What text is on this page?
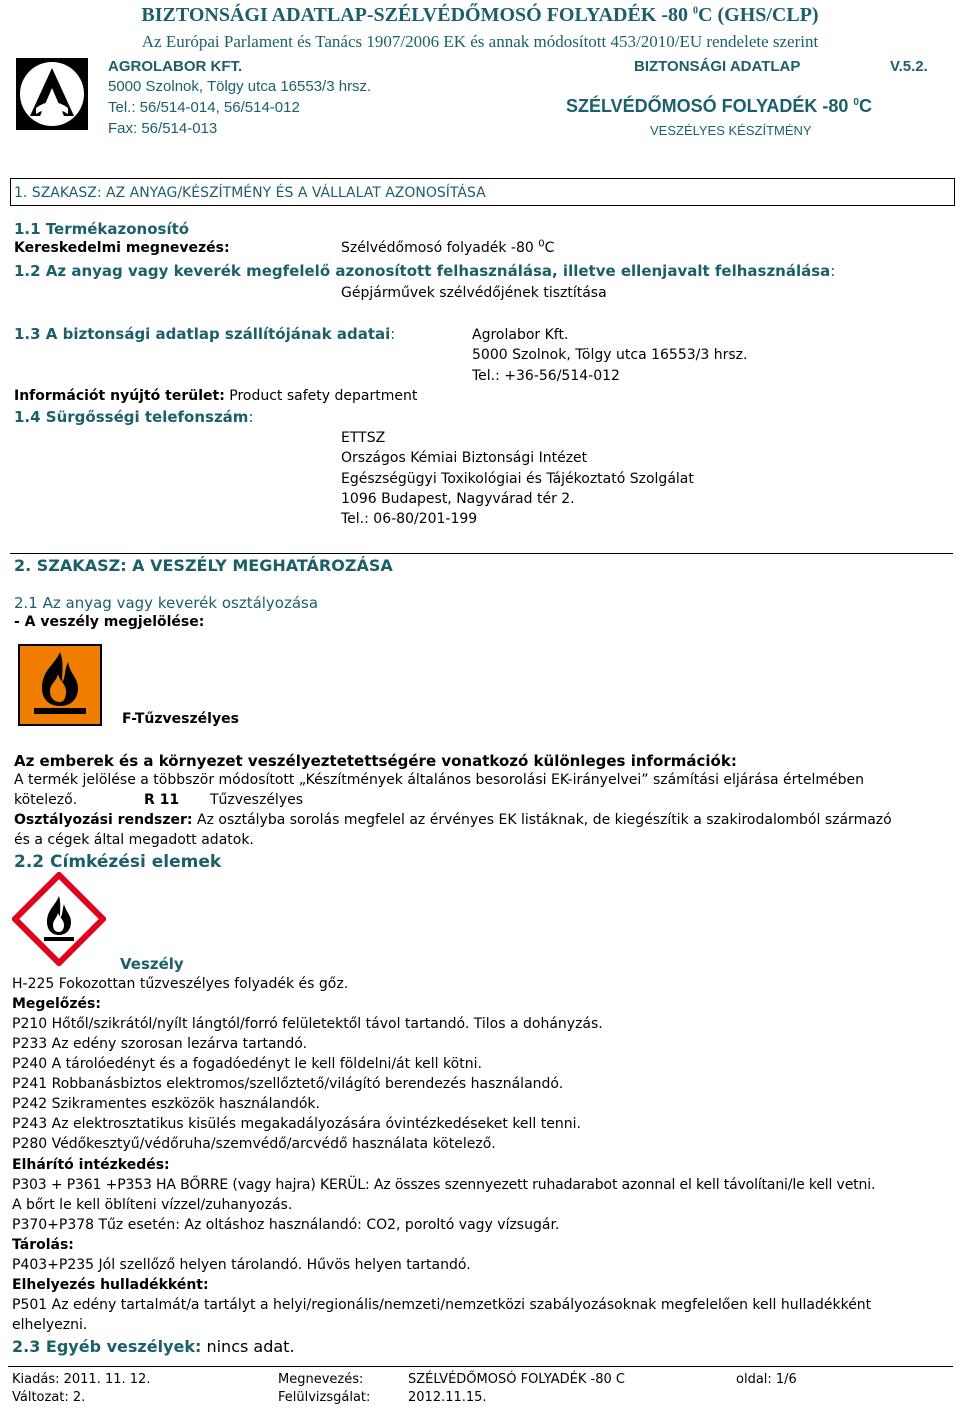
BIZTONSÁGI ADATLAP-SZÉLVÉDŐMOSÓ FOLYADÉK -80 $^0$C (GHS/CLP)
Az Európai Parlament és Tanács 1907/2006 EK és annak módosított 453/2010/EU rendelete szerint
AGROLABOR KFT.
5000 Szolnok, Tölgy utca 16553/3 hrsz.
Tel.: 56/514-014, 56/514-012
Fax: 56/514-013
BIZTONSÁGI ADATLAP	V.5.2.
SZÉLVÉDŐMOSÓ FOLYADÉK -80 $^0$C
VESZÉLYES KÉSZÍTMÉNY
1. SZAKASZ: AZ ANYAG/KÉSZÍTMÉNY ÉS A VÁLLALAT AZONOSÍTÁSA
1.1 Termékazonosító
Kereskedelmi megnevezés:	Szélvédőmosó folyadék -80 $^0$C
1.2 Az anyag vagy keverék megfelelő azonosított felhasználása, illetve ellenjavalt felhasználása:
Gépjárművek szélvédőjének tisztítása
1.3 A biztonsági adatlap szállítójának adatai:	Agrolabor Kft.
5000 Szolnok, Tölgy utca 16553/3 hrsz.
Tel.: +36-56/514-012
Információt nyújtó terület: Product safety department
1.4 Sürgősségi telefonszám:
ETTSZ
Országos Kémiai Biztonsági Intézet
Egészségügyi Toxikológiai és Tájékoztató Szolgálat
1096 Budapest, Nagyvárad tér 2.
Tel.: 06-80/201-199
2. SZAKASZ: A VESZÉLY MEGHATÁROZÁSA
2.1 Az anyag vagy keverék osztályozása
- A veszély megjelölése:
F-Tűzveszélyes
Az emberek és a környezet veszélyeztetettségére vonatkozó különleges információk:
A termék jelölése a többször módosított „Készítmények általános besorolási EK-irányelvei” számítási eljárása értelmében
kötelező.	R 11 Tűzveszélyes
Osztályozási rendszer: Az osztályba sorolás megfelel az érvényes EK listáknak, de kiegészítik a szakirodalomból származó
és a cégek által megadott adatok.
2.2 Címkézési elemek
Veszély
H-225 Fokozottan tűzveszélyes folyadék és gőz.
Megelőzés:
P210 Hőtől/szikrától/nyílt lángtól/forró felületektől távol tartandó. Tilos a dohányzás.
P233 Az edény szorosan lezárva tartandó.
P240 A tárolóedényt és a fogadóedényt le kell földelni/át kell kötni.
P241 Robbanásbiztos elektromos/szellőztető/világító berendezés használandó.
P242 Szikramentes eszközök használandók.
P243 Az elektrosztatikus kisülés megakadályozására óvintézkedéseket kell tenni.
P280 Védőkesztyű/védőruha/szemvédő/arcvédő használata kötelező.
Elhárító intézkedés:
P303 + P361 +P353 HA BŐRRE (vagy hajra) KERÜL: Az összes szennyezett ruhadarabot azonnal el kell távolítani/le kell vetni.
A bőrt le kell öblíteni vízzel/zuhanyozás.
P370+P378 Tűz esetén: Az oltáshoz használandó: CO2, poroltó vagy vízsugár.
Tárolás:
P403+P235 Jól szellőző helyen tárolandó. Hűvös helyen tartandó.
Elhelyezés hulladékként:
P501 Az edény tartalmát/a tartályt a helyi/regionális/nemzeti/nemzetközi szabályozásoknak megfelelően kell hulladékként
elhelyezni.
2.3 Egyéb veszélyek: nincs adat.
Kiadás: 2011. 11. 12.
Változat: 2.
Megnevezés:
Felülvizsgálat:
SZÉLVÉDŐMOSÓ FOLYADÉK -80 C
2012.11.15.
oldal: 1/6
